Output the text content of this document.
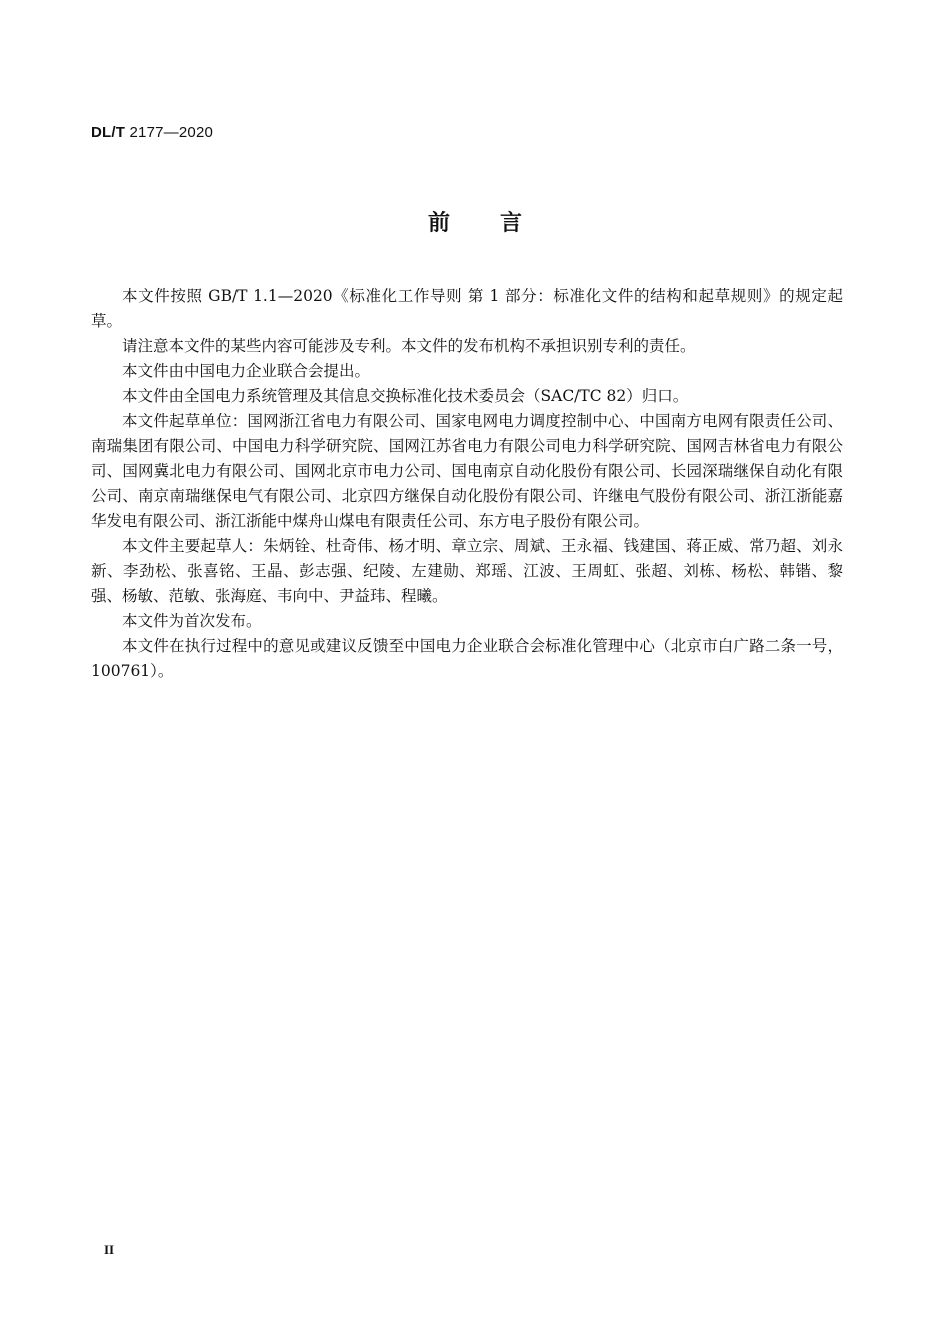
DL/T 2177—2020
前言

本文件按照 GB/T 1.1—2020《标准化工作导则 第 1 部分：标准化文件的结构和起草规则》的规定起草。

请注意本文件的某些内容可能涉及专利。本文件的发布机构不承担识别专利的责任。

本文件由中国电力企业联合会提出。

本文件由全国电力系统管理及其信息交换标准化技术委员会（SAC/TC 82）归口。

本文件起草单位：国网浙江省电力有限公司、国家电网电力调度控制中心、中国南方电网有限责任公司、南瑞集团有限公司、中国电力科学研究院、国网江苏省电力有限公司电力科学研究院、国网吉林省电力有限公司、国网冀北电力有限公司、国网北京市电力公司、国电南京自动化股份有限公司、长园深瑞继保自动化有限公司、南京南瑞继保电气有限公司、北京四方继保自动化股份有限公司、许继电气股份有限公司、浙江浙能嘉华发电有限公司、浙江浙能中煤舟山煤电有限责任公司、东方电子股份有限公司。

本文件主要起草人：朱炳铨、杜奇伟、杨才明、章立宗、周斌、王永福、钱建国、蒋正威、常乃超、刘永新、李劲松、张喜铭、王晶、彭志强、纪陵、左建勋、郑瑶、江波、王周虹、张超、刘栋、杨松、韩锴、黎强、杨敏、范敏、张海庭、韦向中、尹益玮、程曦。

本文件为首次发布。

本文件在执行过程中的意见或建议反馈至中国电力企业联合会标准化管理中心（北京市白广路二条一号，100761）。

II
